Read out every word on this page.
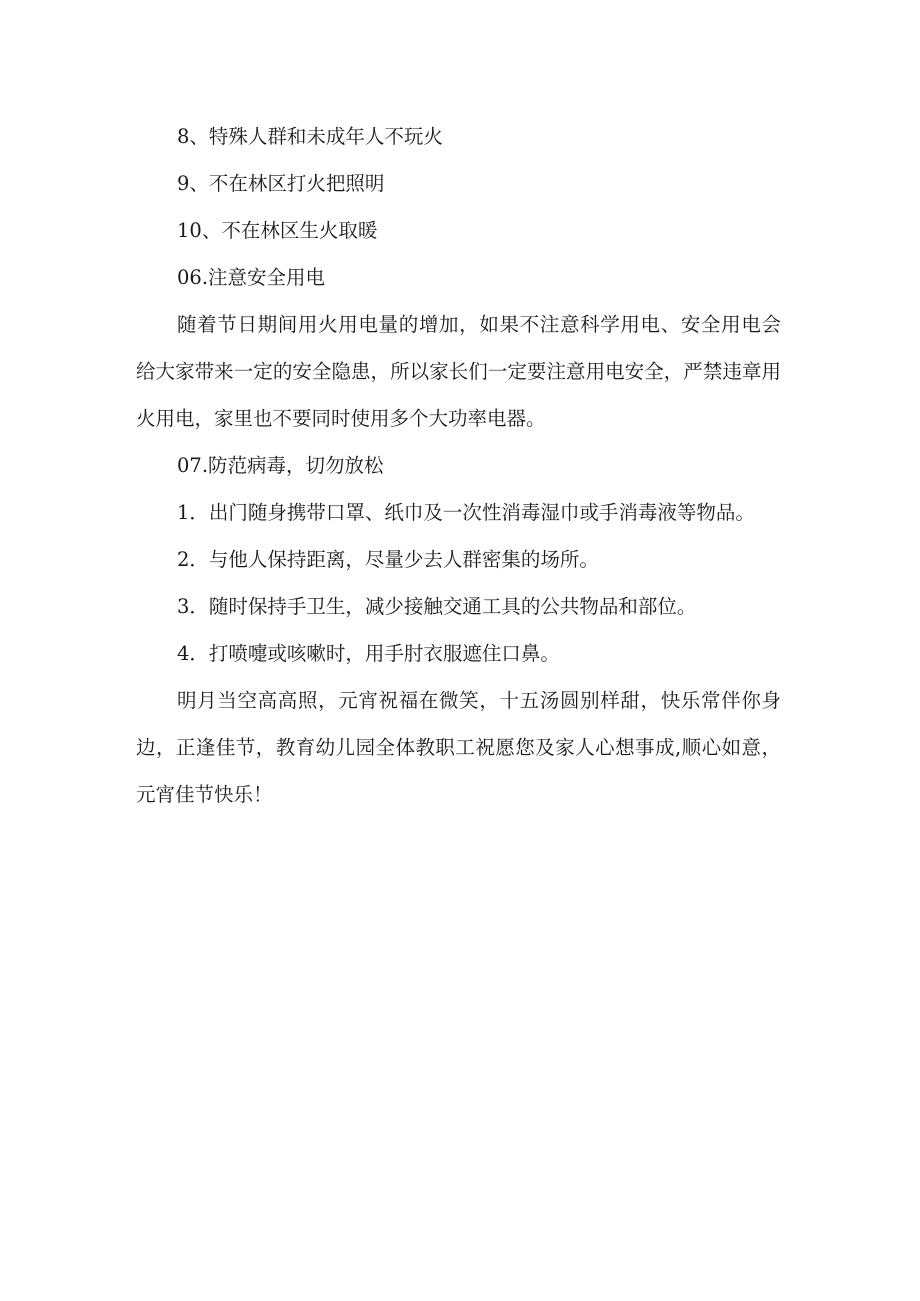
8、特殊人群和未成年人不玩火

9、不在林区打火把照明

10、不在林区生火取暖

06.注意安全用电

随着节日期间用火用电量的增加，如果不注意科学用电、安全用电会给大家带来一定的安全隐患，所以家长们一定要注意用电安全，严禁违章用火用电，家里也不要同时使用多个大功率电器。

07.防范病毒，切勿放松

1．出门随身携带口罩、纸巾及一次性消毒湿巾或手消毒液等物品。

2．与他人保持距离，尽量少去人群密集的场所。

3．随时保持手卫生，减少接触交通工具的公共物品和部位。

4．打喷嚏或咳嗽时，用手肘衣服遮住口鼻。

明月当空高高照，元宵祝福在微笑，十五汤圆别样甜，快乐常伴你身边，正逢佳节，教育幼儿园全体教职工祝愿您及家人心想事成,顺心如意，元宵佳节快乐！
